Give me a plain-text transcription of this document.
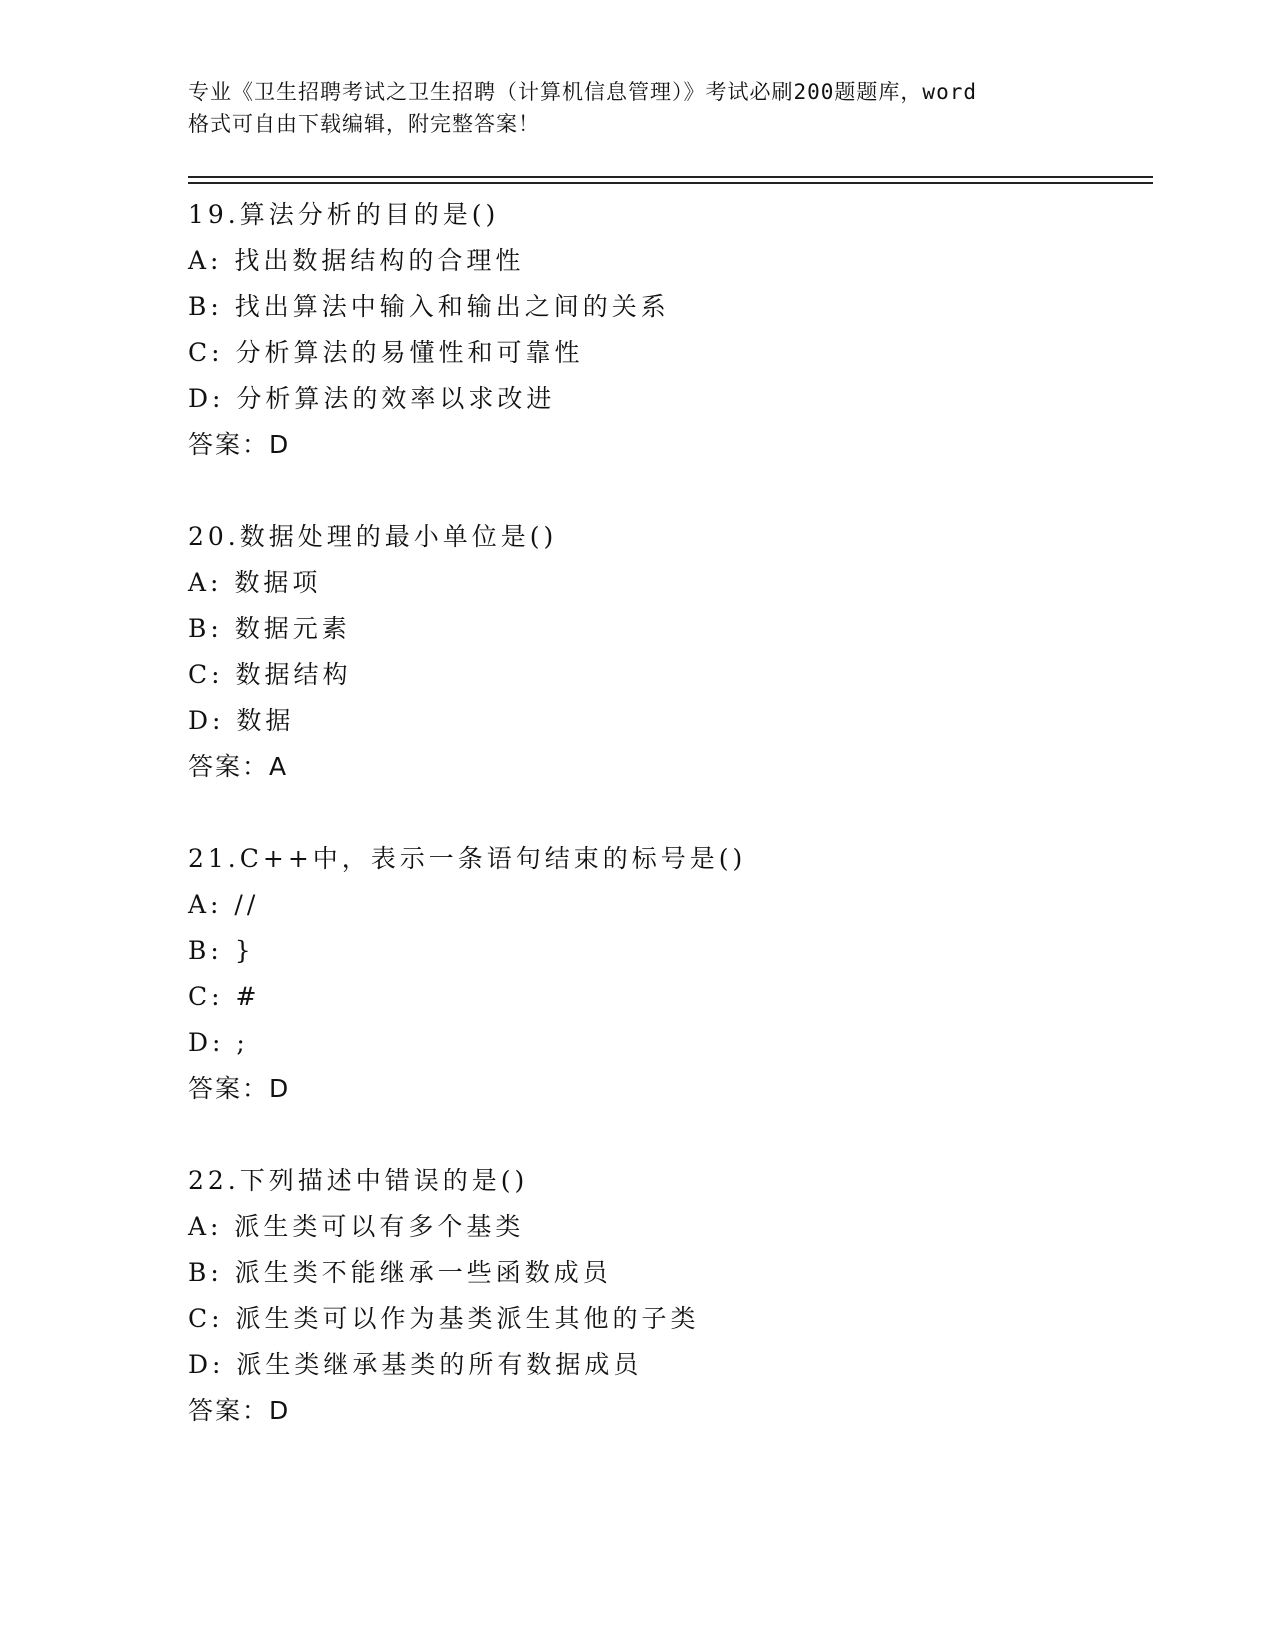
专业《卫生招聘考试之卫生招聘（计算机信息管理）》考试必刷200题题库，word
格式可自由下载编辑，附完整答案！
19.算法分析的目的是()
A: 找出数据结构的合理性
B: 找出算法中输入和输出之间的关系
C: 分析算法的易懂性和可靠性
D: 分析算法的效率以求改进
答案：D
20.数据处理的最小单位是()
A: 数据项
B: 数据元素
C: 数据结构
D: 数据
答案：A
21.C++中，表示一条语句结束的标号是()
A: //
B: }
C: #
D: ;
答案：D
22.下列描述中错误的是()
A: 派生类可以有多个基类
B: 派生类不能继承一些函数成员
C: 派生类可以作为基类派生其他的子类
D: 派生类继承基类的所有数据成员
答案：D
